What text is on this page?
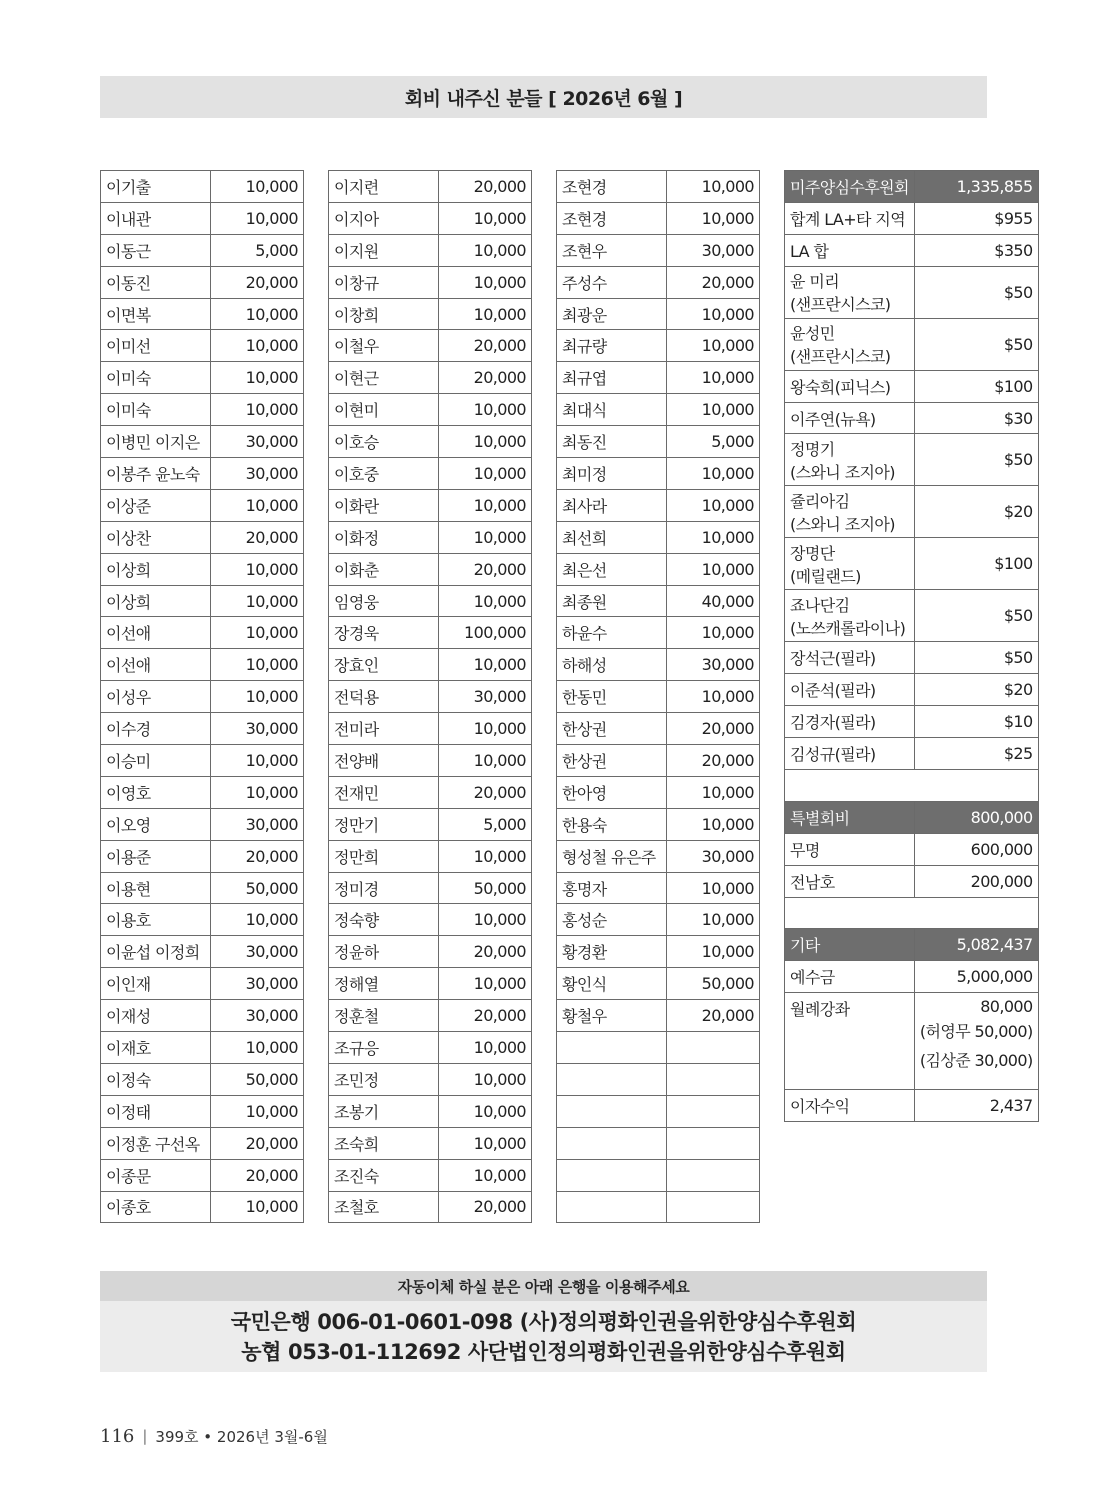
회비 내주신 분들 [ 2026년 6월 ]
이기출	10,000
이내관	10,000
이동근	5,000
이동진	20,000
이면복	10,000
이미선	10,000
이미숙	10,000
이미숙	10,000
이병민 이지은	30,000
이봉주 윤노숙	30,000
이상준	10,000
이상찬	20,000
이상희	10,000
이상희	10,000
이선애	10,000
이선애	10,000
이성우	10,000
이수경	30,000
이승미	10,000
이영호	10,000
이오영	30,000
이용준	20,000
이용현	50,000
이용호	10,000
이윤섭 이정희	30,000
이인재	30,000
이재성	30,000
이재호	10,000
이정숙	50,000
이정태	10,000
이정훈 구선옥	20,000
이종문	20,000
이종호	10,000
이지련	20,000
이지아	10,000
이지원	10,000
이창규	10,000
이창희	10,000
이철우	20,000
이현근	20,000
이현미	10,000
이호승	10,000
이호중	10,000
이화란	10,000
이화정	10,000
이화춘	20,000
임영웅	10,000
장경욱	100,000
장효인	10,000
전덕용	30,000
전미라	10,000
전양배	10,000
전재민	20,000
정만기	5,000
정만희	10,000
정미경	50,000
정숙향	10,000
정윤하	20,000
정해열	10,000
정훈철	20,000
조규응	10,000
조민정	10,000
조봉기	10,000
조숙희	10,000
조진숙	10,000
조철호	20,000
조현경	10,000
조현경	10,000
조현우	30,000
주성수	20,000
최광운	10,000
최규량	10,000
최규엽	10,000
최대식	10,000
최동진	5,000
최미정	10,000
최사라	10,000
최선희	10,000
최은선	10,000
최종원	40,000
하윤수	10,000
하해성	30,000
한동민	10,000
한상권	20,000
한상권	20,000
한아영	10,000
한용숙	10,000
형성철 유은주	30,000
홍명자	10,000
홍성순	10,000
황경환	10,000
황인식	50,000
황철우	20,000

미주양심수후원회	1,335,855
합계 LA+타 지역	$955
LA 합	$350
윤 미리
(샌프란시스코)	$50
윤성민
(샌프란시스코)	$50
왕숙희(피닉스)	$100
이주연(뉴욕)	$30
정명기
(스와니 조지아)	$50
쥴리아김
(스와니 조지아)	$20
장명단
(메릴랜드)	$100
죠나단김
(노쓰캐롤라이나)	$50
장석근(필라)	$50
이준석(필라)	$20
김경자(필라)	$10
김성규(필라)	$25

특별회비	800,000
무명	600,000
전남호	200,000

기타	5,082,437
예수금	5,000,000
월례강좌	80,000
(허영무 50,000)
(김상준 30,000)

이자수익	2,437
자동이체 하실 분은 아래 은행을 이용해주세요
국민은행 006-01-0601-098 (사)정의평화인권을위한양심수후원회
농협 053-01-112692 사단법인정의평화인권을위한양심수후원회
116 | 399호 • 2026년 3월-6월
